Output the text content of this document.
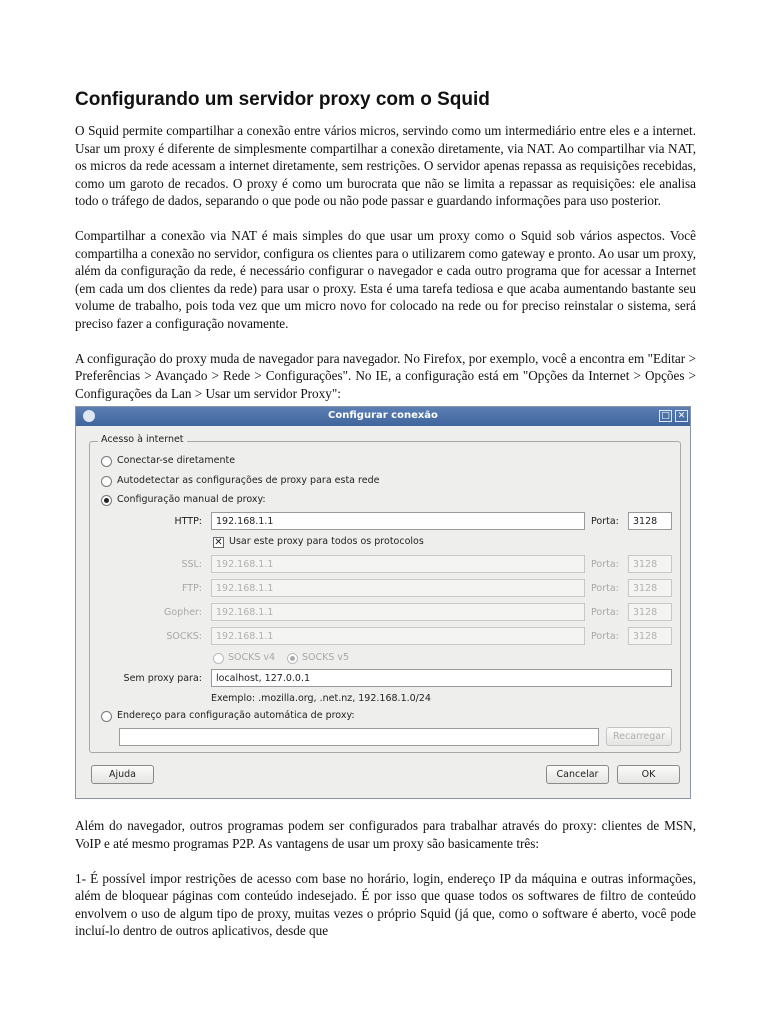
Configurando um servidor proxy com o Squid

O Squid permite compartilhar a conexão entre vários micros, servindo como um intermediário entre eles e a internet. Usar um proxy é diferente de simplesmente compartilhar a conexão diretamente, via NAT. Ao compartilhar via NAT, os micros da rede acessam a internet diretamente, sem restrições. O servidor apenas repassa as requisições recebidas, como um garoto de recados. O proxy é como um burocrata que não se limita a repassar as requisições: ele analisa todo o tráfego de dados, separando o que pode ou não pode passar e guardando informações para uso posterior.

Compartilhar a conexão via NAT é mais simples do que usar um proxy como o Squid sob vários aspectos. Você compartilha a conexão no servidor, configura os clientes para o utilizarem como gateway e pronto. Ao usar um proxy, além da configuração da rede, é necessário configurar o navegador e cada outro programa que for acessar a Internet (em cada um dos clientes da rede) para usar o proxy. Esta é uma tarefa tediosa e que acaba aumentando bastante seu volume de trabalho, pois toda vez que um micro novo for colocado na rede ou for preciso reinstalar o sistema, será preciso fazer a configuração novamente.

A configuração do proxy muda de navegador para navegador. No Firefox, por exemplo, você a encontra em "Editar > Preferências > Avançado > Rede > Configurações". No IE, a configuração está em "Opções da Internet > Opções > Configurações da Lan > Usar um servidor Proxy":

Configurar conexão	□ ✕
Acesso à internet
Conectar-se diretamente
Autodetectar as configurações de proxy para esta rede
Configuração manual de proxy:
HTTP:	192.168.1.1	Porta:	3128
✕ Usar este proxy para todos os protocolos
SSL:	192.168.1.1	Porta:	3128
FTP:	192.168.1.1	Porta:	3128
Gopher:	192.168.1.1	Porta:	3128
SOCKS:	192.168.1.1	Porta:	3128
SOCKS v4	SOCKS v5
Sem proxy para:	localhost, 127.0.0.1
Exemplo: .mozilla.org, .net.nz, 192.168.1.0/24
Endereço para configuração automática de proxy:
Recarregar
Ajuda	Cancelar	OK

Além do navegador, outros programas podem ser configurados para trabalhar através do proxy: clientes de MSN, VoIP e até mesmo programas P2P. As vantagens de usar um proxy são basicamente três:

1- É possível impor restrições de acesso com base no horário, login, endereço IP da máquina e outras informações, além de bloquear páginas com conteúdo indesejado. É por isso que quase todos os softwares de filtro de conteúdo envolvem o uso de algum tipo de proxy, muitas vezes o próprio Squid (já que, como o software é aberto, você pode incluí-lo dentro de outros aplicativos, desde que
